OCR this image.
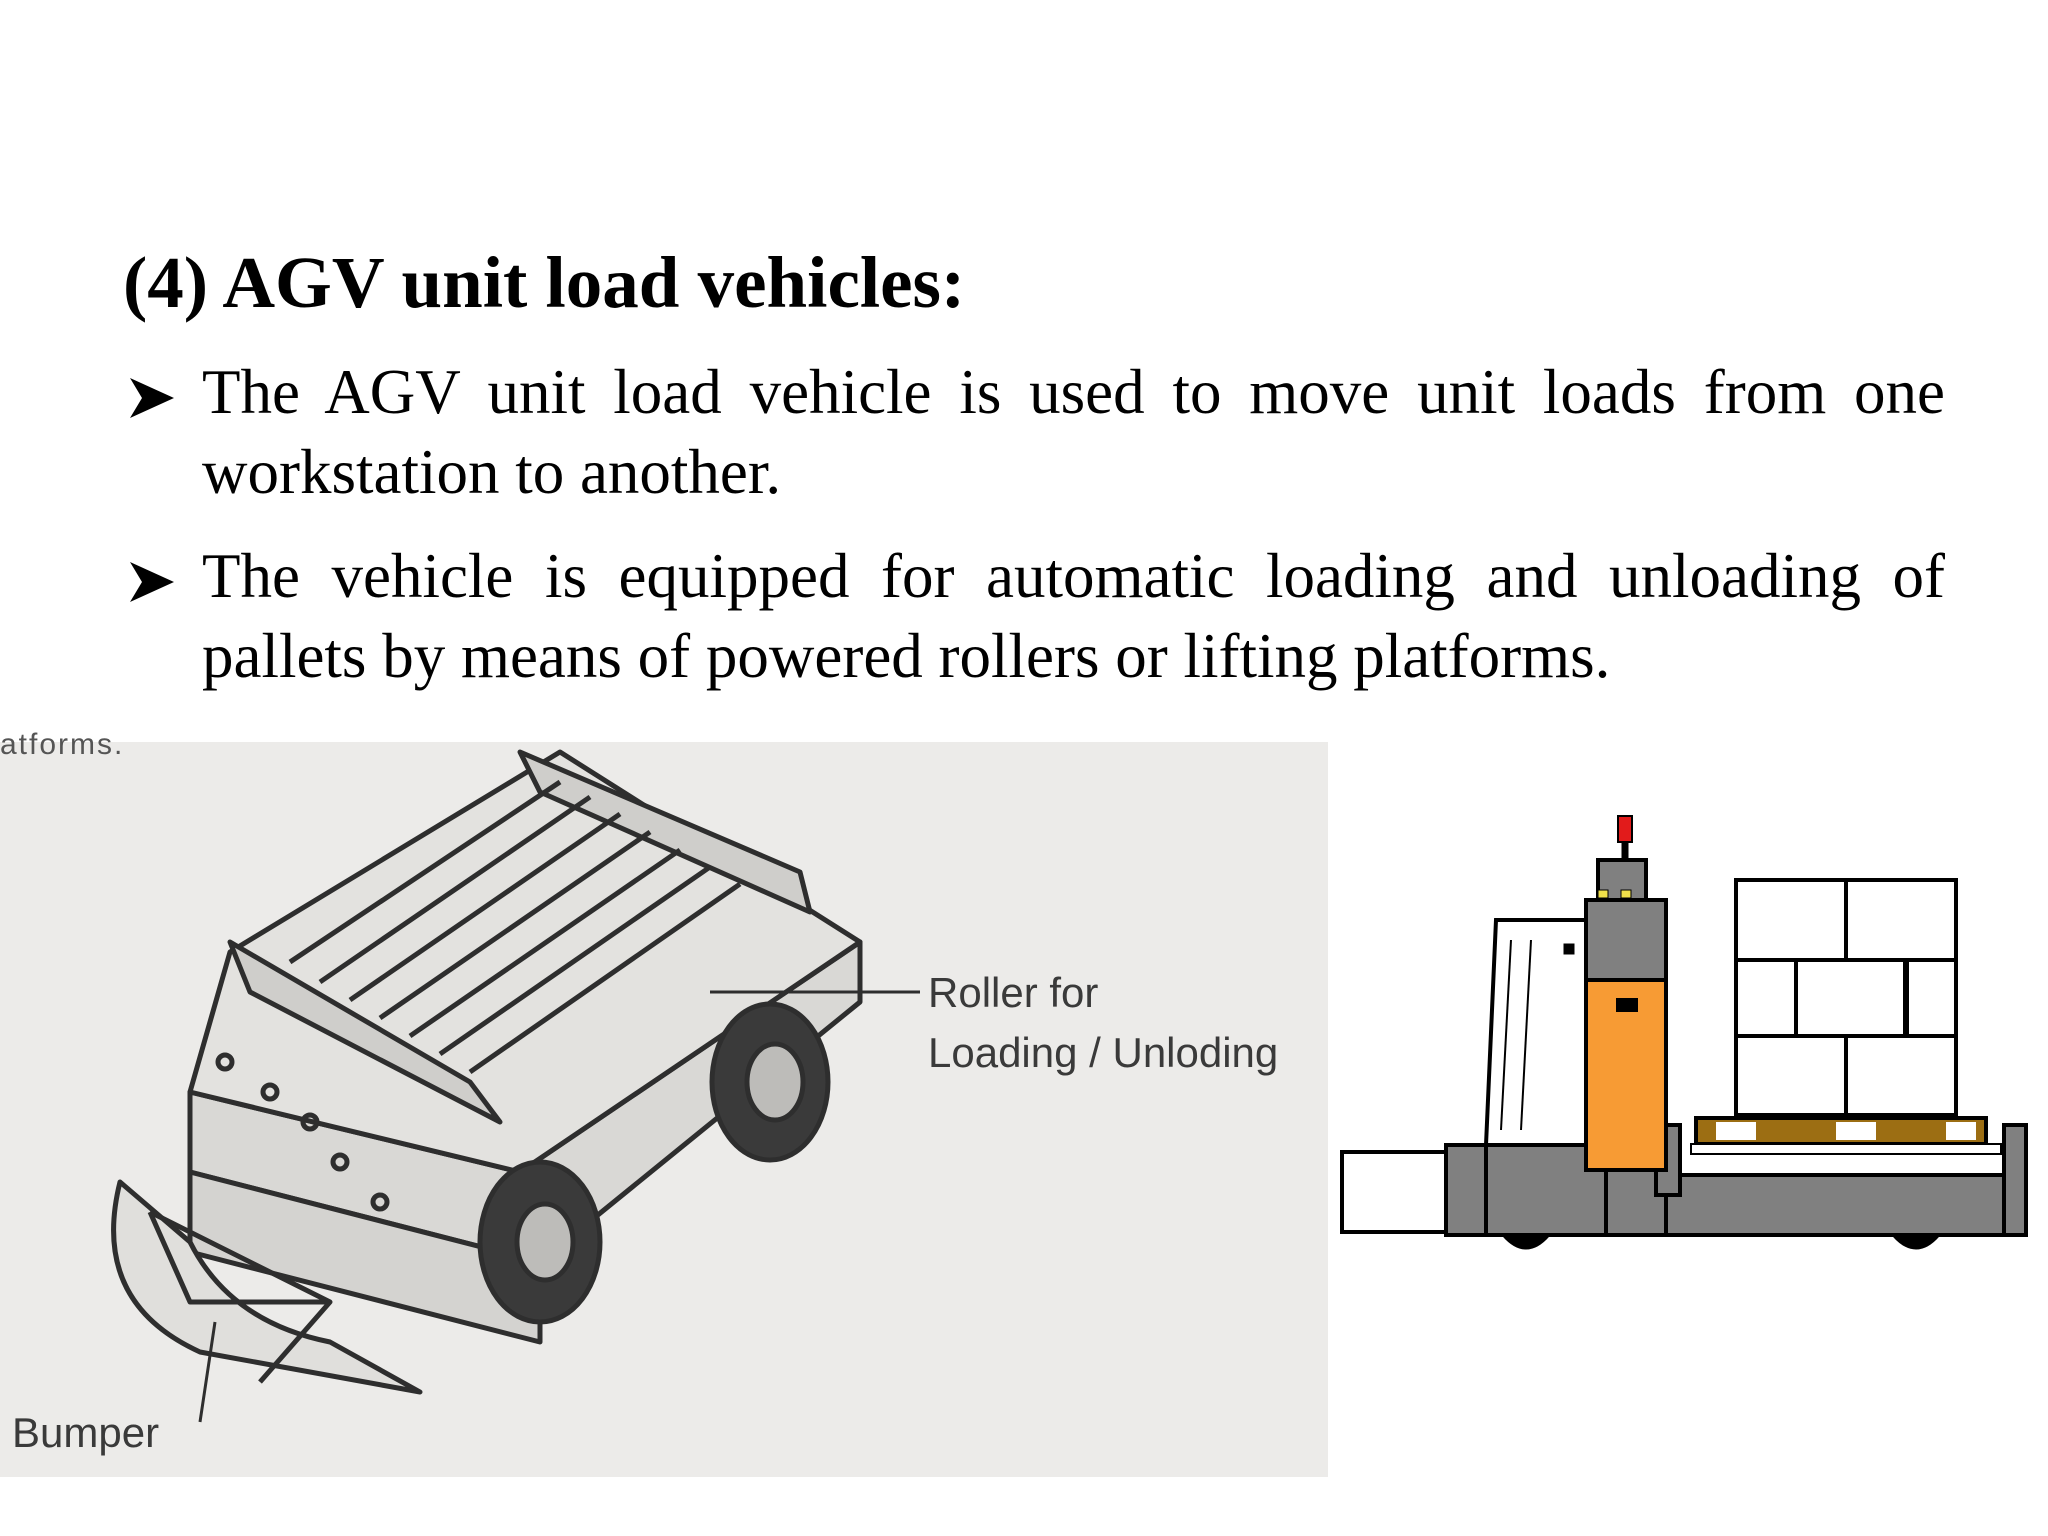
(4) AGV unit load vehicles:
The AGV unit load vehicle is used to move unit loads from one workstation to another.
The vehicle is equipped for automatic loading and unloading of pallets by means of powered rollers or lifting platforms.
atforms.
Roller for
Loading / Unloding
Bumper
